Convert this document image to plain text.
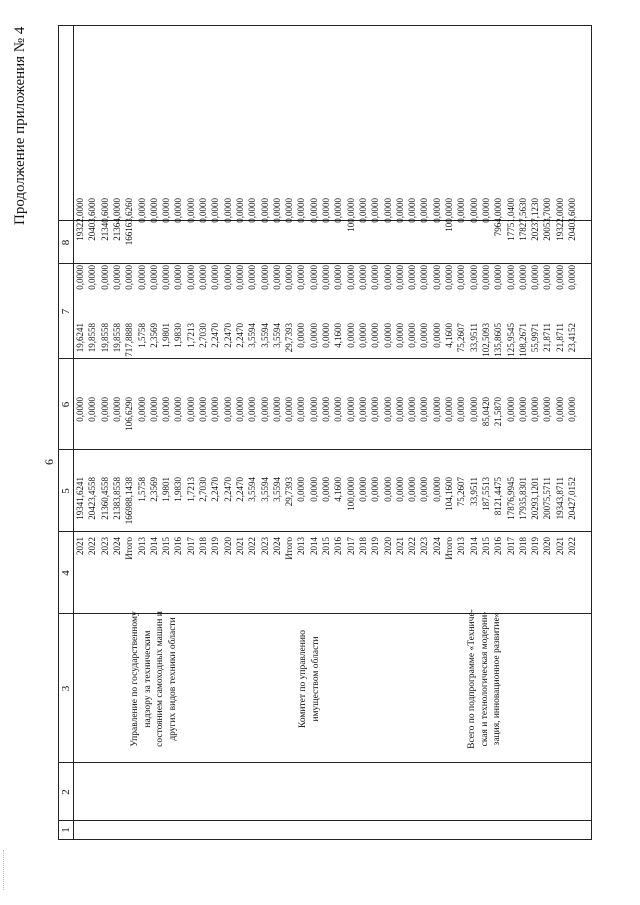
6
Продолжение приложения № 4
1
2
3
4
5
6
7
8
Управление по государственному надзору за техническим состоянием самоходных машин и других видов техники области	Комитет по управлению имуществом области	Всего по подпрограмме «Техниче- ская и технологическая модерни- зация, инновационное развитие»
2021
19341,6241
0,0000
19,6241
0,0000
19322,0000
2022
20423,4558
0,0000
19,8558
0,0000
20403,6000
2023
21360,4558
0,0000
19,8558
0,0000
21340,6000
2024
21383,8558
0,0000
19,8558
0,0000
21364,0000
Итого
166988,1438
106,6290
717,8888
0,0000
166163,6260
2013
1,5758
0,0000
1,5758
0,0000
0,0000
2014
2,3569
0,0000
2,3569
0,0000
0,0000
2015
1,9801
0,0000
1,9801
0,0000
0,0000
2016
1,9830
0,0000
1,9830
0,0000
0,0000
2017
1,7213
0,0000
1,7213
0,0000
0,0000
2018
2,7030
0,0000
2,7030
0,0000
0,0000
2019
2,2470
0,0000
2,2470
0,0000
0,0000
2020
2,2470
0,0000
2,2470
0,0000
0,0000
2021
2,2470
0,0000
2,2470
0,0000
0,0000
2022
3,5594
0,0000
3,5594
0,0000
0,0000
2023
3,5594
0,0000
3,5594
0,0000
0,0000
2024
3,5594
0,0000
3,5594
0,0000
0,0000
Итого
29,7393
0,0000
29,7393
0,0000
0,0000
2013
0,0000
0,0000
0,0000
0,0000
0,0000
2014
0,0000
0,0000
0,0000
0,0000
0,0000
2015
0,0000
0,0000
0,0000
0,0000
0,0000
2016
4,1600
0,0000
4,1600
0,0000
0,0000
2017
100,0000
0,0000
0,0000
0,0000
100,0000
2018
0,0000
0,0000
0,0000
0,0000
0,0000
2019
0,0000
0,0000
0,0000
0,0000
0,0000
2020
0,0000
0,0000
0,0000
0,0000
0,0000
2021
0,0000
0,0000
0,0000
0,0000
0,0000
2022
0,0000
0,0000
0,0000
0,0000
0,0000
2023
0,0000
0,0000
0,0000
0,0000
0,0000
2024
0,0000
0,0000
0,0000
0,0000
0,0000
Итого
104,1600
0,0000
4,1600
0,0000
100,0000
2013
75,2607
0,0000
75,2607
0,0000
0,0000
2014
33,9511
0,0000
33,9511
0,0000
0,0000
2015
187,5513
85,0420
102,5093
0,0000
0,0000
2016
8121,4475
21,5870
135,8605
0,0000
7964,0000
2017
17876,9945
0,0000
125,9545
0,0000
17751,0400
2018
17935,8301
0,0000
108,2671
0,0000
17827,5630
2019
20293,1201
0,0000
55,9971
0,0000
20237,1230
2020
20075,5711
0,0000
21,8711
0,0000
20053,7000
2021
19343,8711
0,0000
21,8711
0,0000
19322,0000
2022
20427,0152
0,0000
23,4152
0,0000
20403,6000
